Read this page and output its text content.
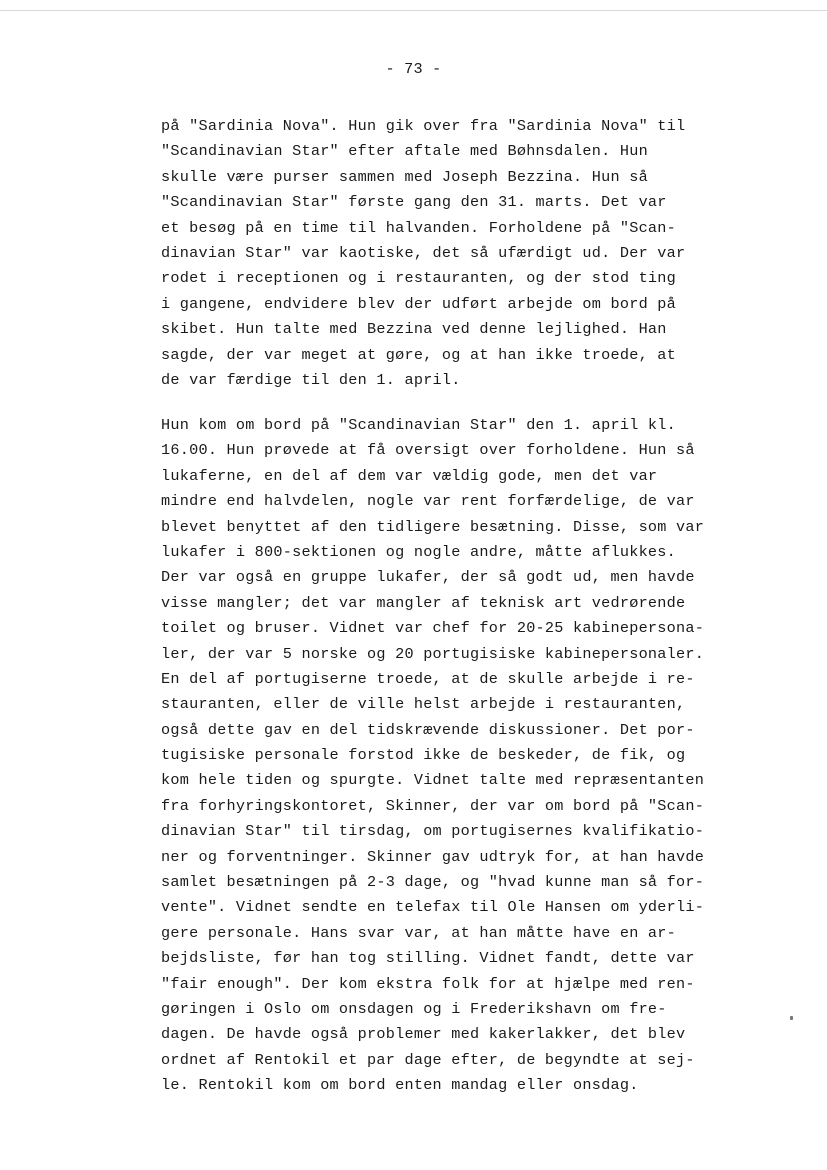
- 73 -
på "Sardinia Nova". Hun gik over fra "Sardinia Nova" til
"Scandinavian Star" efter aftale med Bøhnsdalen. Hun
skulle være purser sammen med Joseph Bezzina. Hun så
"Scandinavian Star" første gang den 31. marts. Det var
et besøg på en time til halvanden. Forholdene på "Scan-
dinavian Star" var kaotiske, det så ufærdigt ud. Der var
rodet i receptionen og i restauranten, og der stod ting
i gangene, endvidere blev der udført arbejde om bord på
skibet. Hun talte med Bezzina ved denne lejlighed. Han
sagde, der var meget at gøre, og at han ikke troede, at
de var færdige til den 1. april.
Hun kom om bord på "Scandinavian Star" den 1. april kl.
16.00. Hun prøvede at få oversigt over forholdene. Hun så
lukaferne, en del af dem var vældig gode, men det var
mindre end halvdelen, nogle var rent forfærdelige, de var
blevet benyttet af den tidligere besætning. Disse, som var
lukafer i 800-sektionen og nogle andre, måtte aflukkes.
Der var også en gruppe lukafer, der så godt ud, men havde
visse mangler; det var mangler af teknisk art vedrørende
toilet og bruser. Vidnet var chef for 20-25 kabinepersona-
ler, der var 5 norske og 20 portugisiske kabinepersonaler.
En del af portugiserne troede, at de skulle arbejde i re-
stauranten, eller de ville helst arbejde i restauranten,
også dette gav en del tidskrævende diskussioner. Det por-
tugisiske personale forstod ikke de beskeder, de fik, og
kom hele tiden og spurgte. Vidnet talte med repræsentanten
fra forhyringskontoret, Skinner, der var om bord på "Scan-
dinavian Star" til tirsdag, om portugisernes kvalifikatio-
ner og forventninger. Skinner gav udtryk for, at han havde
samlet besætningen på 2-3 dage, og "hvad kunne man så for-
vente". Vidnet sendte en telefax til Ole Hansen om yderli-
gere personale. Hans svar var, at han måtte have en ar-
bejdsliste, før han tog stilling. Vidnet fandt, dette var
"fair enough". Der kom ekstra folk for at hjælpe med ren-
gøringen i Oslo om onsdagen og i Frederikshavn om fre-
dagen. De havde også problemer med kakerlakker, det blev
ordnet af Rentokil et par dage efter, de begyndte at sej-
le. Rentokil kom om bord enten mandag eller onsdag.
